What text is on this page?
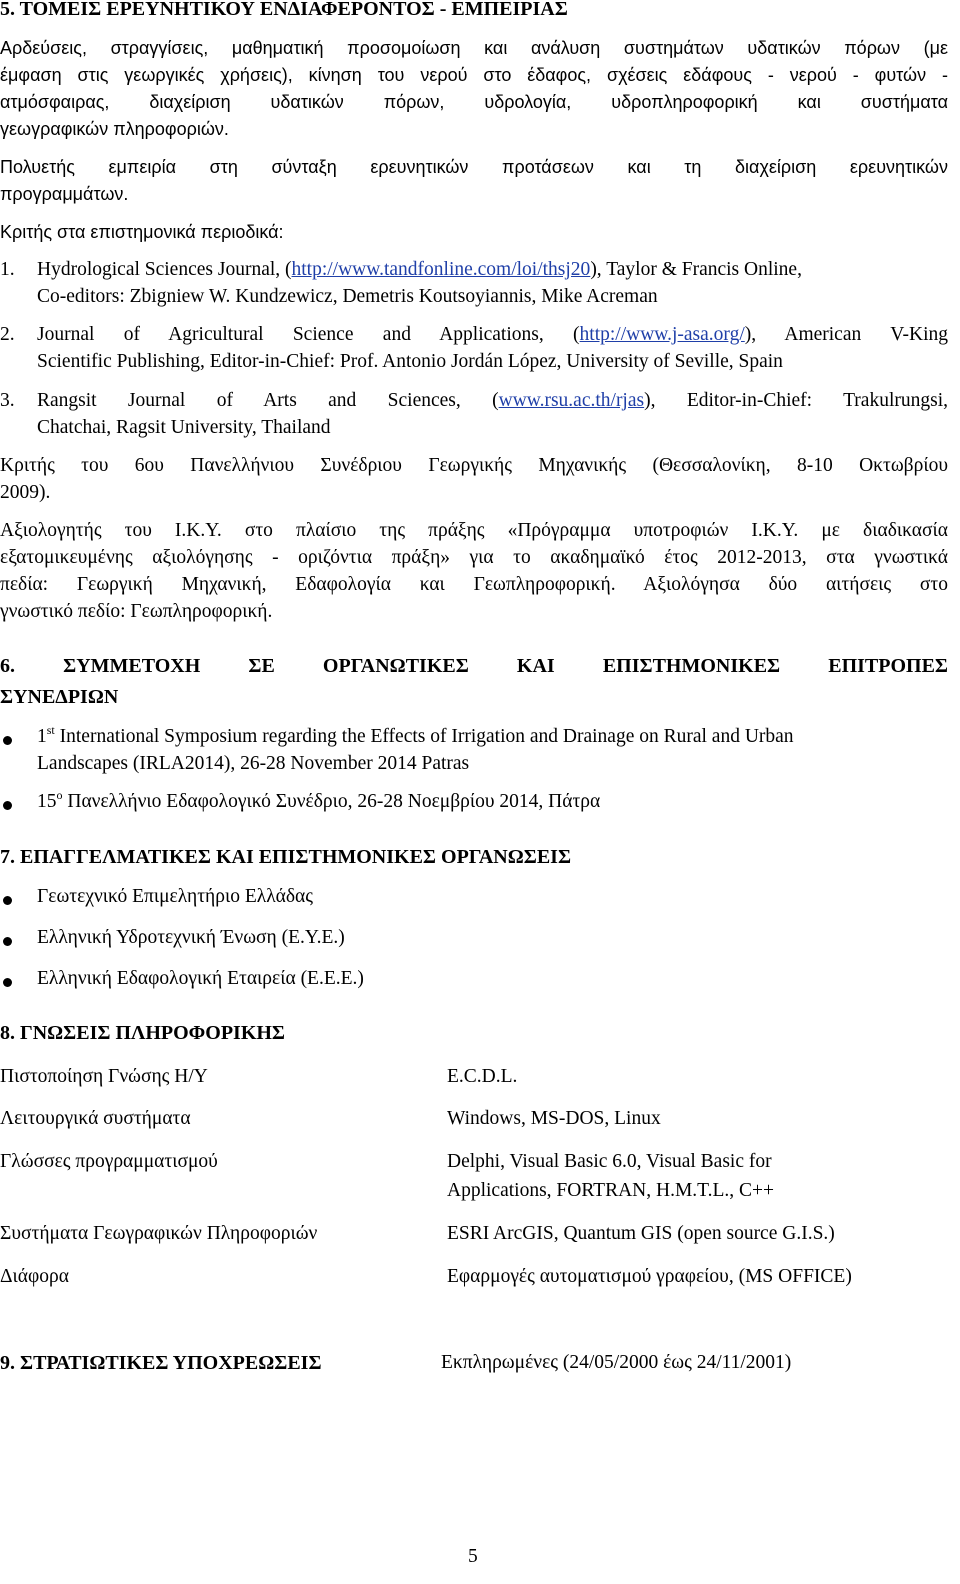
5. ΤΟΜΕΙΣ ΕΡΕΥΝΗΤΙΚΟΥ ΕΝΔΙΑΦΕΡΟΝΤΟΣ - ΕΜΠΕΙΡΙΑΣ
Αρδεύσεις, στραγγίσεις, μαθηματική προσομοίωση και ανάλυση συστημάτων υδατικών πόρων (με
έμφαση στις γεωργικές χρήσεις), κίνηση του νερού στο έδαφος, σχέσεις εδάφους - νερού - φυτών -
ατμόσφαιρας, διαχείριση υδατικών πόρων, υδρολογία, υδροπληροφορική και συστήματα
γεωγραφικών πληροφοριών.
Πολυετής εμπειρία στη σύνταξη ερευνητικών προτάσεων και τη διαχείριση ερευνητικών
προγραμμάτων.
Κριτής στα επιστημονικά περιοδικά:
1. Hydrological Sciences Journal, (http://www.tandfonline.com/loi/thsj20), Taylor & Francis Online,
Co-editors: Zbigniew W. Kundzewicz, Demetris Koutsoyiannis, Mike Acreman
2. Journal of Agricultural Science and Applications, (http://www.j-asa.org/), American V-King
Scientific Publishing, Editor-in-Chief: Prof. Antonio Jordán López, University of Seville, Spain
3. Rangsit Journal of Arts and Sciences, (www.rsu.ac.th/rjas), Editor-in-Chief: Trakulrungsi,
Chatchai, Ragsit University, Thailand
Κριτής του 6ου Πανελλήνιου Συνέδριου Γεωργικής Μηχανικής (Θεσσαλονίκη, 8-10 Οκτωβρίου
2009).
Αξιολογητής του Ι.Κ.Υ. στο πλαίσιο της πράξης «Πρόγραμμα υποτροφιών Ι.Κ.Υ. με διαδικασία
εξατομικευμένης αξιολόγησης - οριζόντια πράξη» για το ακαδημαϊκό έτος 2012-2013, στα γνωστικά
πεδία: Γεωργική Μηχανική, Εδαφολογία και Γεωπληροφορική. Αξιολόγησα δύο αιτήσεις στο
γνωστικό πεδίο: Γεωπληροφορική.
6. ΣΥΜΜΕΤΟΧΗ ΣΕ ΟΡΓΑΝΩΤΙΚΕΣ ΚΑΙ ΕΠΙΣΤΗΜΟΝΙΚΕΣ ΕΠΙΤΡΟΠΕΣ
ΣΥΝΕΔΡΙΩΝ
1st International Symposium regarding the Effects of Irrigation and Drainage on Rural and Urban
Landscapes (IRLA2014), 26-28 November 2014 Patras
$15^o$ Πανελλήνιο Εδαφολογικό Συνέδριο, 26-28 Νοεμβρίου 2014, Πάτρα
7. ΕΠΑΓΓΕΛΜΑΤΙΚΕΣ ΚΑΙ ΕΠΙΣΤΗΜΟΝΙΚΕΣ ΟΡΓΑΝΩΣΕΙΣ
Γεωτεχνικό Επιμελητήριο Ελλάδας
Ελληνική Υδροτεχνική Ένωση (Ε.Υ.Ε.)
Ελληνική Εδαφολογική Εταιρεία (Ε.Ε.Ε.)
8. ΓΝΩΣΕΙΣ ΠΛΗΡΟΦΟΡΙΚΗΣ
Πιστοποίηση Γνώσης Η/Υ	E.C.D.L.
Λειτουργικά συστήματα	Windows, MS-DOS, Linux
Γλώσσες προγραμματισμού	Delphi, Visual Basic 6.0, Visual Basic for
Applications, FORTRAN, H.M.T.L., C++
Συστήματα Γεωγραφικών Πληροφοριών	ESRI ArcGIS, Quantum GIS (open source G.I.S.)
Διάφορα	Εφαρμογές αυτοματισμού γραφείου, (MS OFFICE)
9. ΣΤΡΑΤΙΩΤΙΚΕΣ ΥΠΟΧΡΕΩΣΕΙΣ	Εκπληρωμένες (24/05/2000 έως 24/11/2001)
5
